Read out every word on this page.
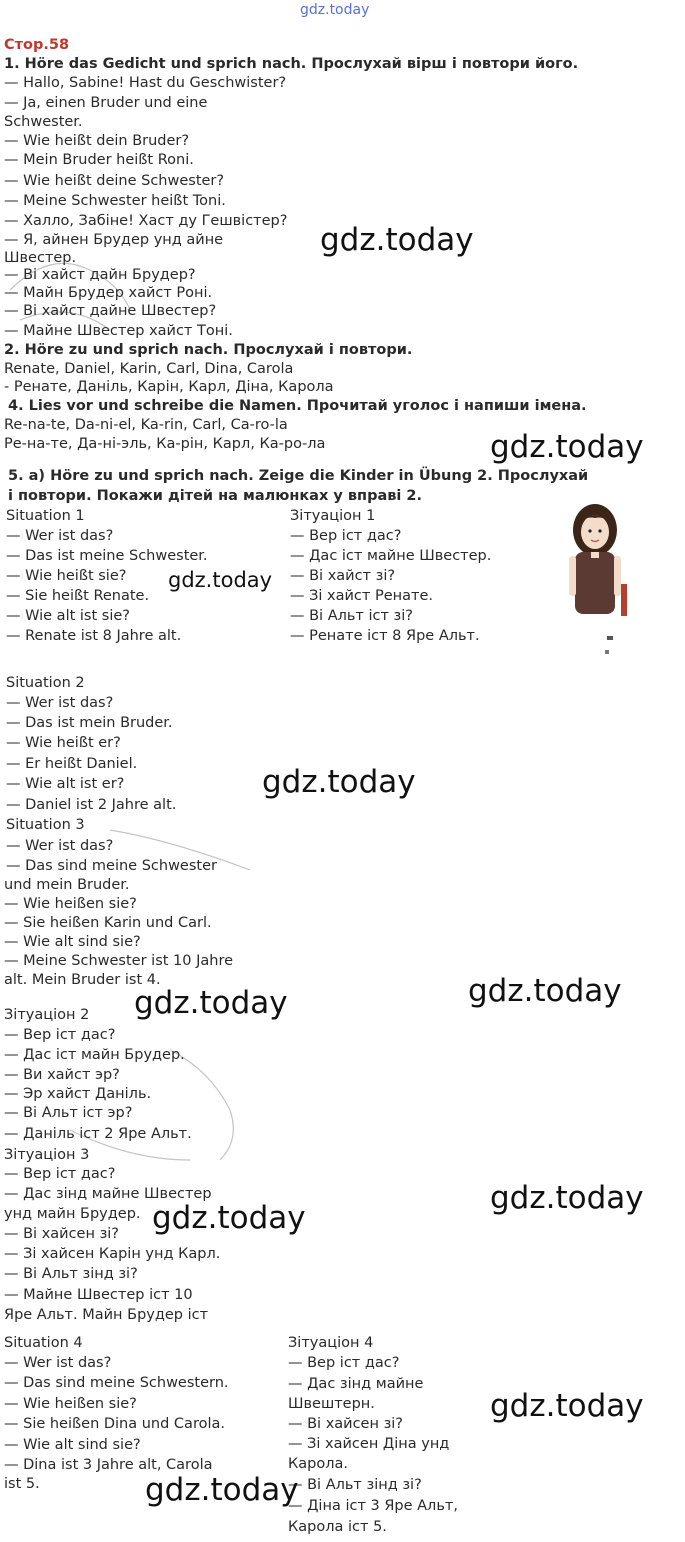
gdz.today
Стор.58
1. Höre das Gedicht und sprich nach. Прослухай вірш і повтори його.
— Hallo, Sabine! Hast du Geschwister?
— Ja, einen Bruder und eine
Schwester.
— Wie heißt dein Bruder?
— Mein Bruder heißt Roni.
— Wie heißt deine Schwester?
— Meine Schwester heißt Toni.
— Халло, Забіне! Хаст ду Гешвістер?
— Я, айнен Брудер унд айне
Швестер.
— Ві хайст дайн Брудер?
— Майн Брудер хайст Роні.
— Ві хайст дайне Швестер?
— Майне Швестер хайст Тоні.
2. Höre zu und sprich nach. Прослухай і повтори.
Renate, Daniel, Karin, Carl, Dina, Carola
- Ренате, Даніль, Карін, Карл, Діна, Карола
4. Lies vor und schreibe die Namen. Прочитай уголос і напиши імена.
Re-na-te, Da-ni-el, Ka-rin, Carl, Ca-ro-la
Ре-на-те, Да-ні-эль, Ка-рін, Карл, Ка-ро-ла
5. а) Höre zu und sprich nach. Zeige die Kinder in Übung 2. Прослухай
і повтори. Покажи дітей на малюнках у вправі 2.
Situation 1
— Wer ist das?
— Das ist meine Schwester.
— Wie heißt sie?
— Sie heißt Renate.
— Wie alt ist sie?
— Renate ist 8 Jahre alt.
Зітуаціон 1
— Вер іст дас?
— Дас іст майне Швестер.
— Ві хайст зі?
— Зі хайст Ренате.
— Ві Альт іст зі?
— Ренате іст 8 Яре Альт.
Situation 2
— Wer ist das?
— Das ist mein Bruder.
— Wie heißt er?
— Er heißt Daniel.
— Wie alt ist er?
— Daniel ist 2 Jahre alt.
Situation 3
— Wer ist das?
— Das sind meine Schwester
und mein Bruder.
— Wie heißen sie?
— Sie heißen Karin und Carl.
— Wie alt sind sie?
— Meine Schwester ist 10 Jahre
alt. Mein Bruder ist 4.
Зітуаціон 2
— Вер іст дас?
— Дас іст майн Брудер.
— Ви хайст эр?
— Эр хайст Даніль.
— Ві Альт іст эр?
— Даніль іст 2 Яре Альт.
Зітуаціон 3
— Вер іст дас?
— Дас зінд майне Швестер
унд майн Брудер.
— Ві хайсен зі?
— Зі хайсен Карін унд Карл.
— Ві Альт зінд зі?
— Майне Швестер іст 10
Яре Альт. Майн Брудер іст
Situation 4
— Wer ist das?
— Das sind meine Schwestern.
— Wie heißen sie?
— Sie heißen Dina und Carola.
— Wie alt sind sie?
— Dina ist 3 Jahre alt, Carola
ist 5.
Зітуаціон 4
— Вер іст дас?
— Дас зінд майне
Швештерн.
— Ві хайсен зі?
— Зі хайсен Діна унд
Карола.
— Ві Альт зінд зі?
— Діна іст 3 Яре Альт,
Карола іст 5.
gdz.today
gdz.today
gdz.today
gdz.today
gdz.today
gdz.today
gdz.today
gdz.today
gdz.today
gdz.today
